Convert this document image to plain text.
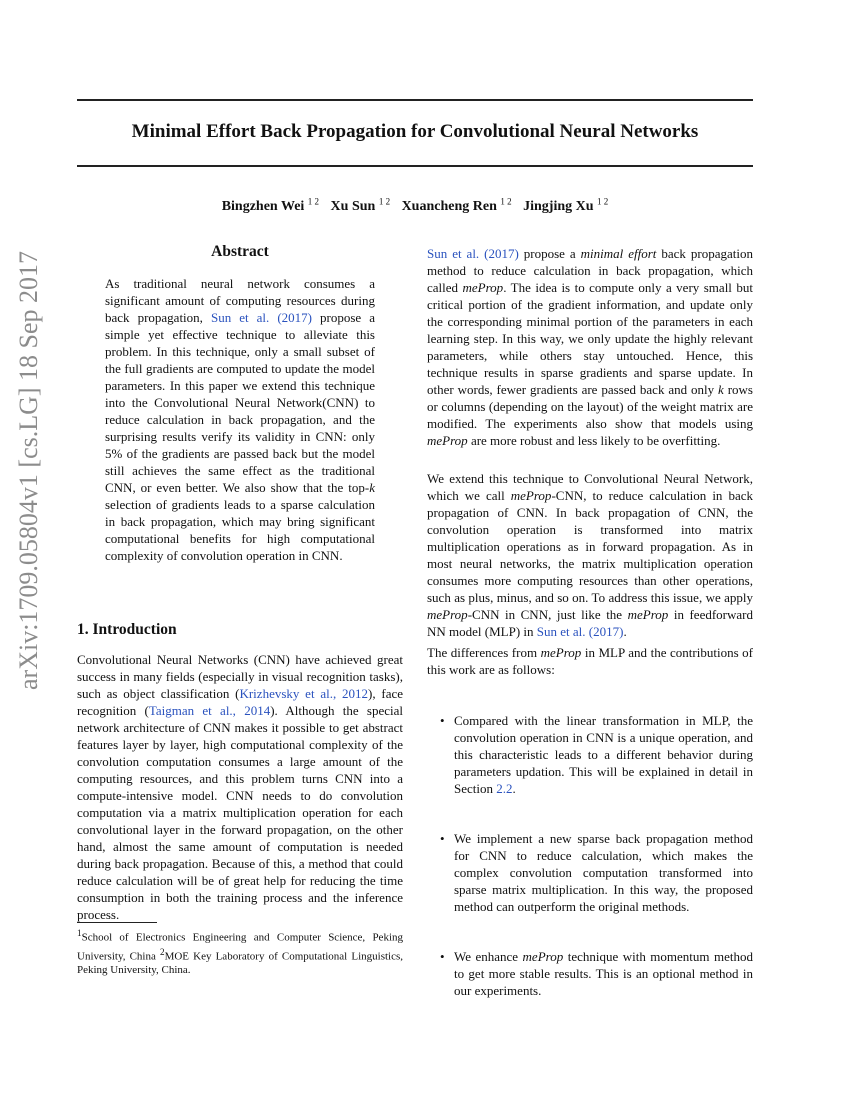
Minimal Effort Back Propagation for Convolutional Neural Networks
Bingzhen Wei $^{1 2}$ Xu Sun $^{1 2}$ Xuancheng Ren $^{1 2}$ Jingjing Xu $^{1 2}$
arXiv:1709.05804v1 [cs.LG] 18 Sep 2017	Abstract

As traditional neural network consumes a significant amount of computing resources during back propagation, Sun et al. (2017) propose a simple yet effective technique to alleviate this problem. In this technique, only a small subset of the full gradients are computed to update the model parameters. In this paper we extend this technique into the Convolutional Neural Network(CNN) to reduce calculation in back propagation, and the surprising results verify its validity in CNN: only 5% of the gradients are passed back but the model still achieves the same effect as the traditional CNN, or even better. We also show that the top-k selection of gradients leads to a sparse calculation in back propagation, which may bring significant computational benefits for high computational complexity of convolution operation in CNN.

1. Introduction

Convolutional Neural Networks (CNN) have achieved great success in many fields (especially in visual recognition tasks), such as object classification (Krizhevsky et al., 2012), face recognition (Taigman et al., 2014). Although the special network architecture of CNN makes it possible to get abstract features layer by layer, high computational complexity of the convolution computation consumes a large amount of the computing resources, and this problem turns CNN into a compute-intensive model. CNN needs to do convolution computation via a matrix multiplication operation for each convolutional layer in the forward propagation, on the other hand, almost the same amount of computation is needed during back propagation. Because of this, a method that could reduce calculation will be of great help for reducing the time consumption in both the training process and the inference process.

$^1$School of Electronics Engineering and Computer Science, Peking University, China $^2$MOE Key Laboratory of Computational Linguistics, Peking University, China.

Sun et al. (2017) propose a minimal effort back propagation method to reduce calculation in back propagation, which called meProp. The idea is to compute only a very small but critical portion of the gradient information, and update only the corresponding minimal portion of the parameters in each learning step. In this way, we only update the highly relevant parameters, while others stay untouched. Hence, this technique results in sparse gradients and sparse update. In other words, fewer gradients are passed back and only k rows or columns (depending on the layout) of the weight matrix are modified. The experiments also show that models using meProp are more robust and less likely to be overfitting.

We extend this technique to Convolutional Neural Network, which we call meProp-CNN, to reduce calculation in back propagation of CNN. In back propagation of CNN, the convolution operation is transformed into matrix multiplication operations as in forward propagation. As in most neural networks, the matrix multiplication operation consumes more computing resources than other operations, such as plus, minus, and so on. To address this issue, we apply meProp-CNN in CNN, just like the meProp in feedforward NN model (MLP) in Sun et al. (2017).

The differences from meProp in MLP and the contributions of this work are as follows:

• Compared with the linear transformation in MLP, the convolution operation in CNN is a unique operation, and this characteristic leads to a different behavior during parameters updation. This will be explained in detail in Section 2.2.

• We implement a new sparse back propagation method for CNN to reduce calculation, which makes the complex convolution computation transformed into sparse matrix multiplication. In this way, the proposed method can outperform the original methods.

• We enhance meProp technique with momentum method to get more stable results. This is an optional method in our experiments.
